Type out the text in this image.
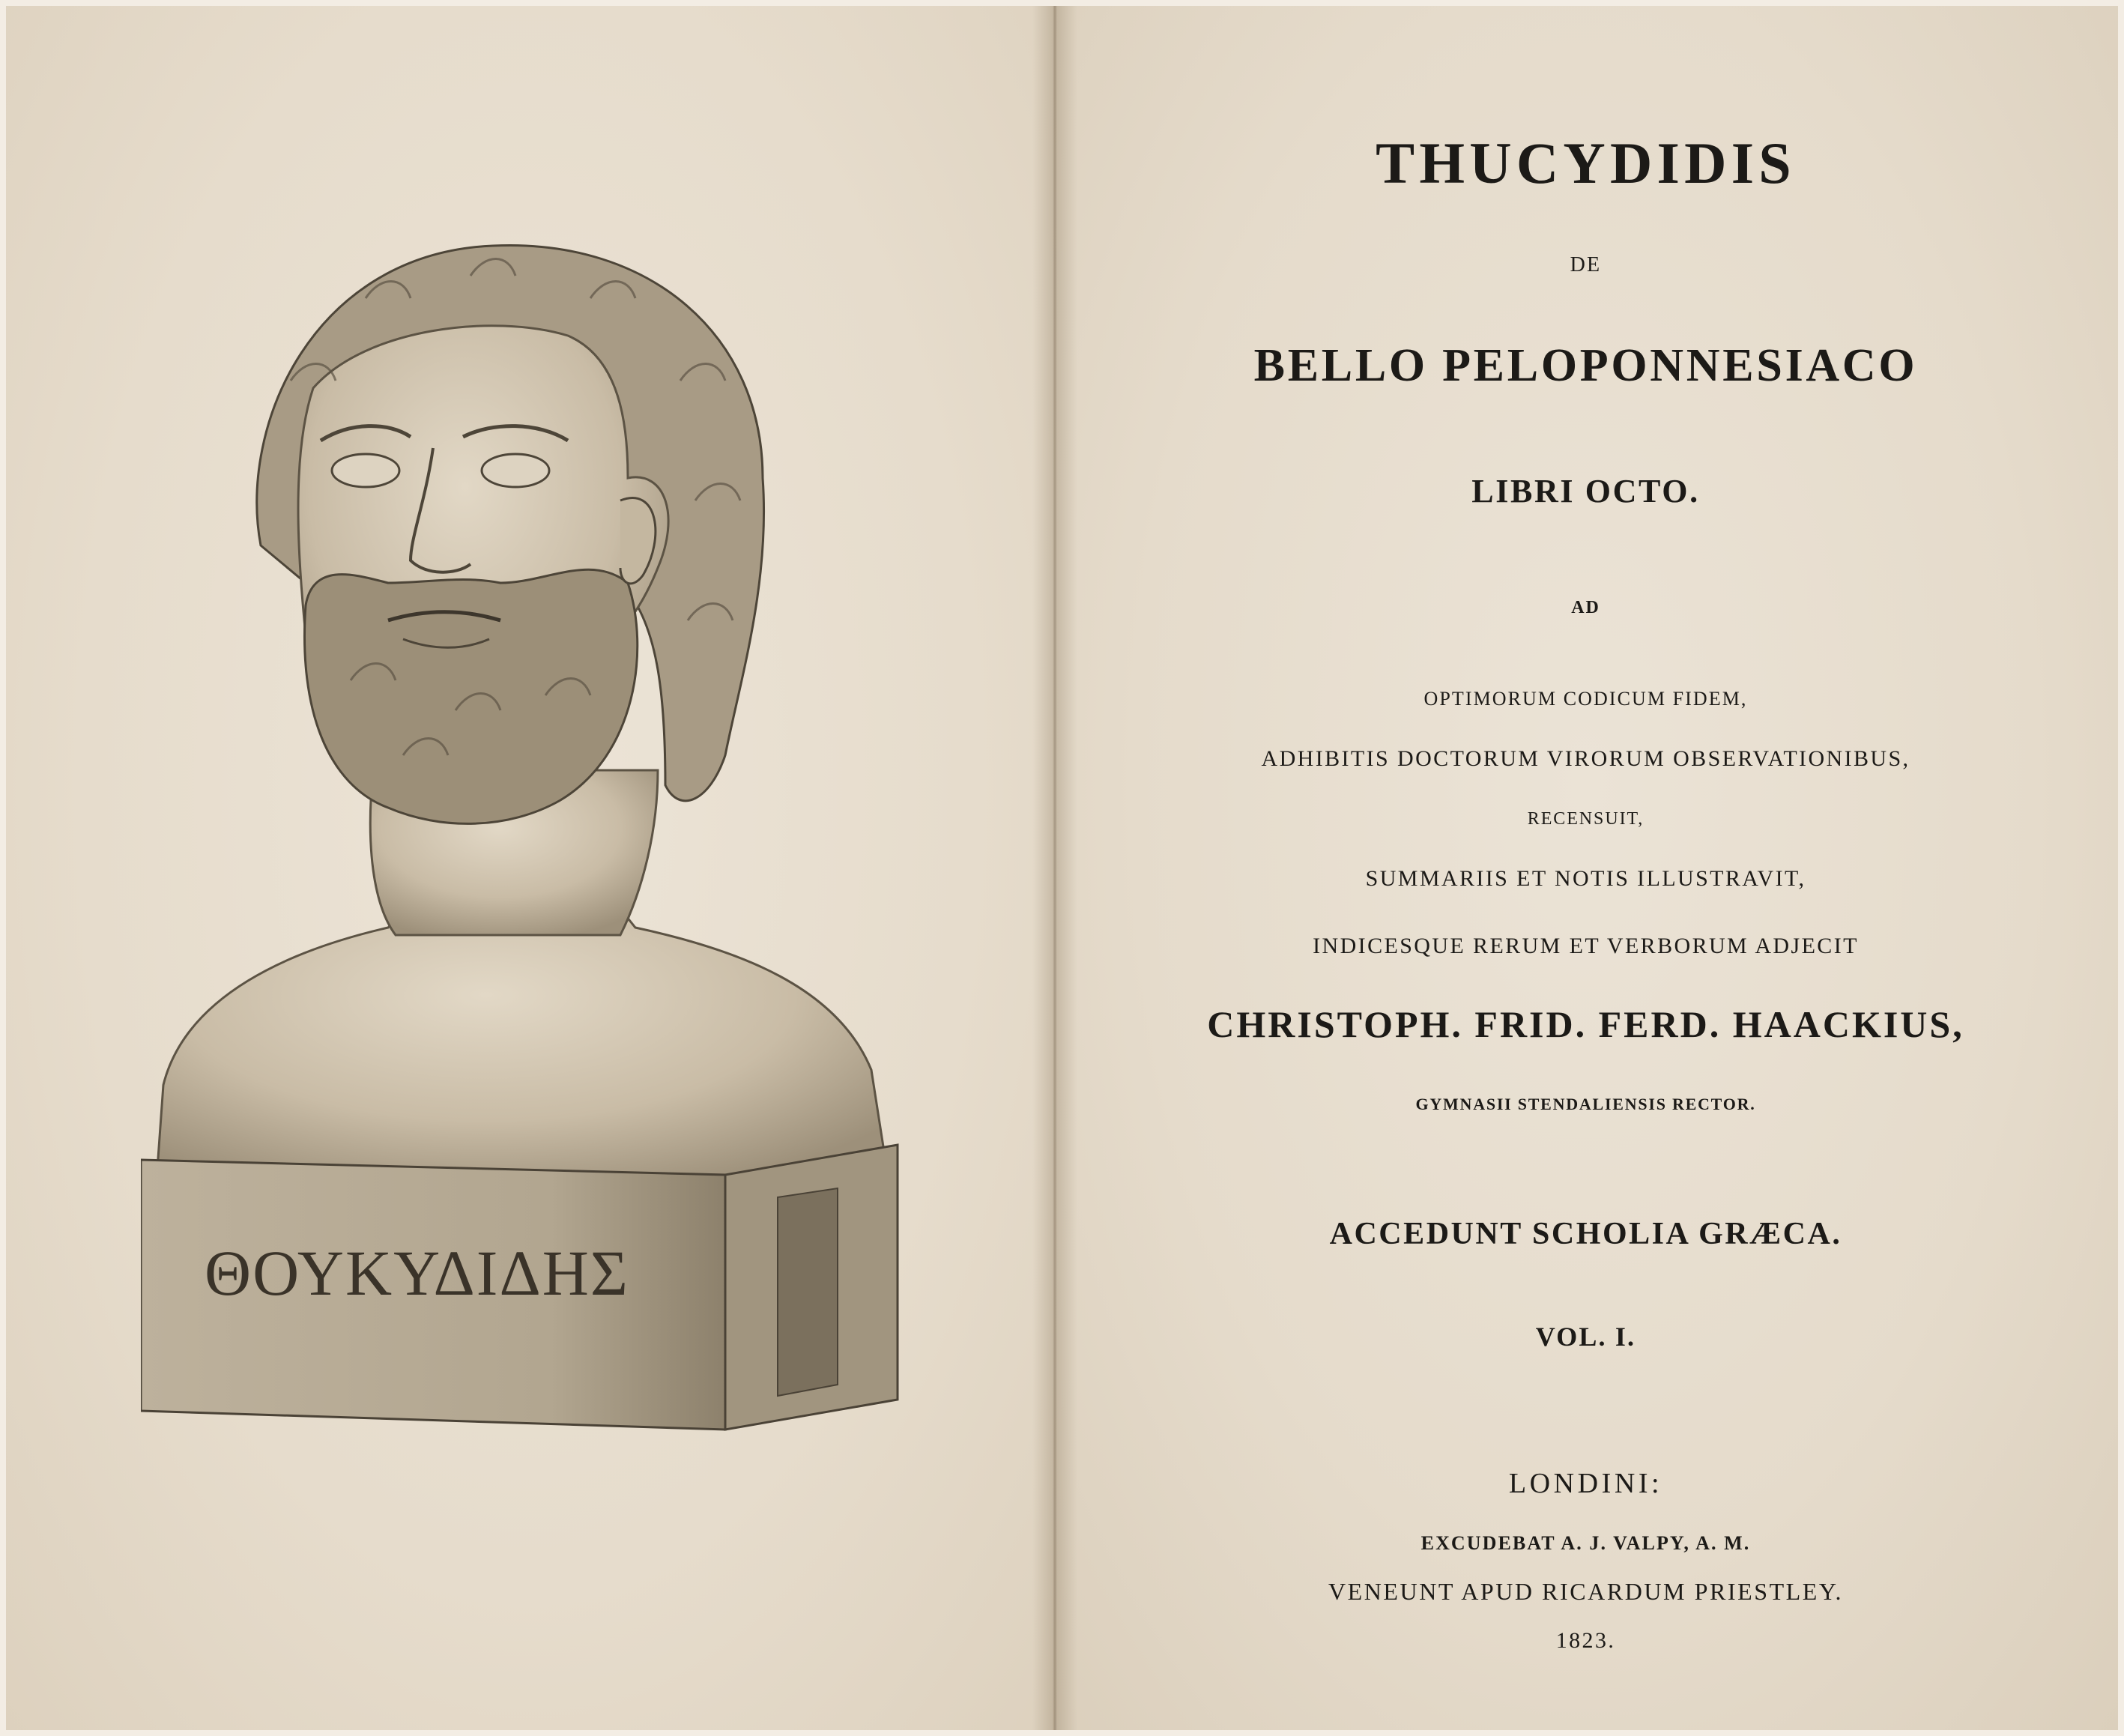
ΘΟΥΚΥΔΙΔΗΣ
THUCYDIDIS
DE
BELLO PELOPONNESIACO
LIBRI OCTO.
AD
OPTIMORUM CODICUM FIDEM,
ADHIBITIS DOCTORUM VIRORUM OBSERVATIONIBUS,
RECENSUIT,
SUMMARIIS ET NOTIS ILLUSTRAVIT,
INDICESQUE RERUM ET VERBORUM ADJECIT
CHRISTOPH. FRID. FERD. HAACKIUS,
GYMNASII STENDALIENSIS RECTOR.
ACCEDUNT SCHOLIA GRÆCA.
VOL. I.
LONDINI:
EXCUDEBAT A. J. VALPY, A. M.
VENEUNT APUD RICARDUM PRIESTLEY.
1823.
